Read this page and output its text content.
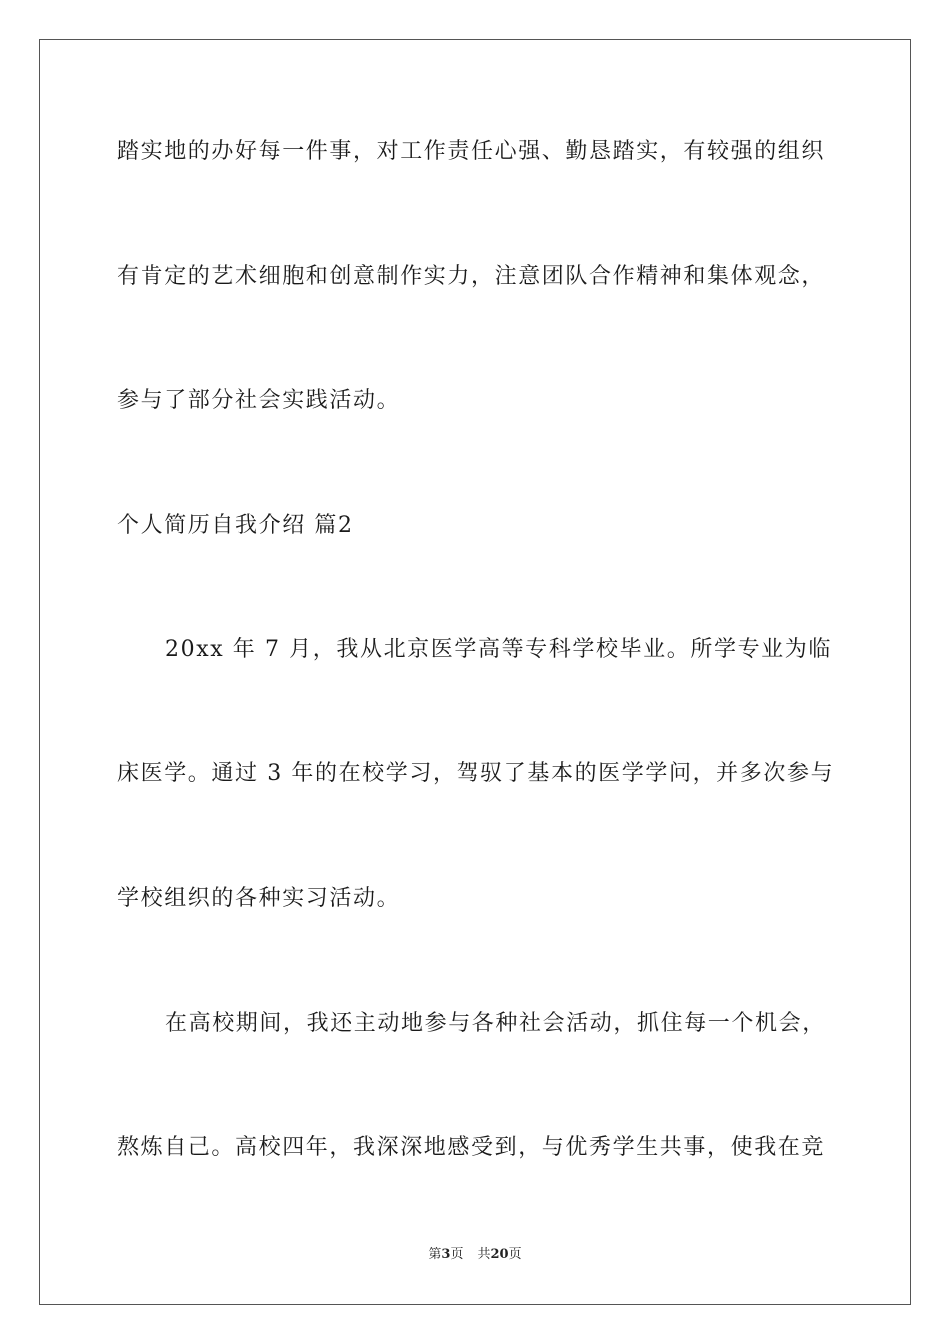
踏实地的办好每一件事，对工作责任心强、勤恳踏实，有较强的组织
有肯定的艺术细胞和创意制作实力，注意团队合作精神和集体观念，
参与了部分社会实践活动。
个人简历自我介绍 篇2
20xx 年 7 月，我从北京医学高等专科学校毕业。所学专业为临
床医学。通过 3 年的在校学习，驾驭了基本的医学学问，并多次参与
学校组织的各种实习活动。
在高校期间，我还主动地参与各种社会活动，抓住每一个机会，
熬炼自己。高校四年，我深深地感受到，与优秀学生共事，使我在竞
第3页 共20页
